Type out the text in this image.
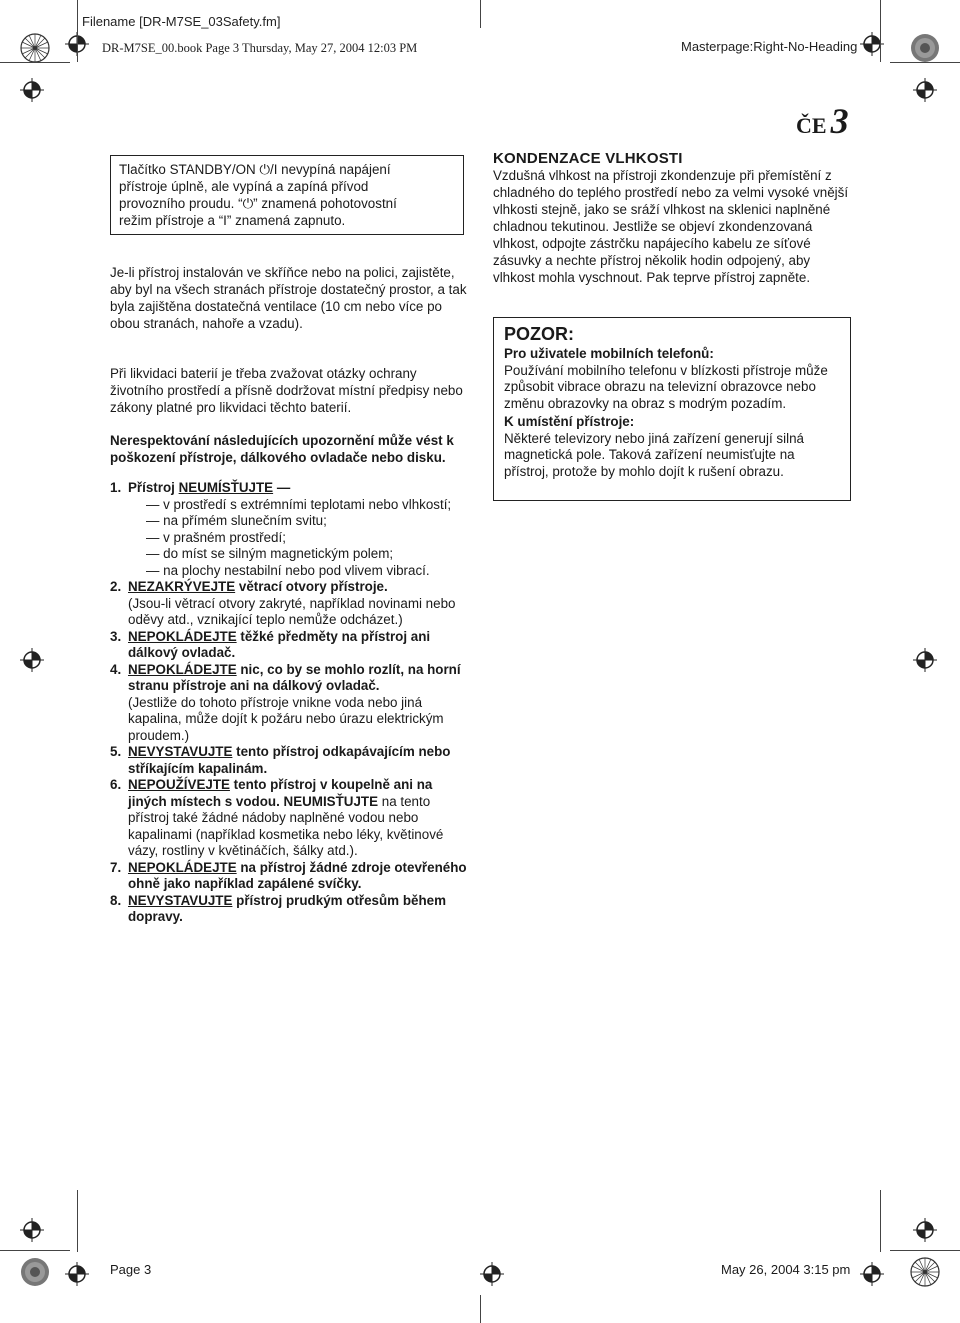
Filename [DR-M7SE_03Safety.fm]
DR-M7SE_00.book Page 3 Thursday, May 27, 2004 12:03 PM	Masterpage:Right-No-Heading
ČE 3
Tlačítko STANDBY/ON ⏻/I nevypíná napájení
přístroje úplně, ale vypíná a zapíná přívod
provozního proudu. “⏻” znamená pohotovostní
režim přístroje a “I” znamená zapnuto.
Je-li přístroj instalován ve skříňce nebo na polici, zajistěte, aby byl na všech stranách přístroje dostatečný prostor, a tak byla zajištěna dostatečná ventilace (10 cm nebo více po obou stranách, nahoře a vzadu).
Při likvidaci baterií je třeba zvažovat otázky ochrany životního prostředí a přísně dodržovat místní předpisy nebo zákony platné pro likvidaci těchto baterií.
Nerespektování následujících upozornění může vést k poškození přístroje, dálkového ovladače nebo disku.
1. Přístroj NEUMÍSŤUJTE —
— v prostředí s extrémními teplotami nebo vlhkostí;
— na přímém slunečním svitu;
— v prašném prostředí;
— do míst se silným magnetickým polem;
— na plochy nestabilní nebo pod vlivem vibrací.
2. NEZAKRÝVEJTE větrací otvory přístroje.
(Jsou-li větrací otvory zakryté, například novinami nebo oděvy atd., vznikající teplo nemůže odcházet.)
3. NEPOKLÁDEJTE těžké předměty na přístroj ani dálkový ovladač.
4. NEPOKLÁDEJTE nic, co by se mohlo rozlít, na horní stranu přístroje ani na dálkový ovladač.
(Jestliže do tohoto přístroje vnikne voda nebo jiná kapalina, může dojít k požáru nebo úrazu elektrickým proudem.)
5. NEVYSTAVUJTE tento přístroj odkapávajícím nebo stříkajícím kapalinám.
6. NEPOUŽÍVEJTE tento přístroj v koupelně ani na jiných místech s vodou. NEUMISŤUJTE na tento přístroj také žádné nádoby naplněné vodou nebo kapalinami (například kosmetika nebo léky, květinové vázy, rostliny v květináčích, šálky atd.).
7. NEPOKLÁDEJTE na přístroj žádné zdroje otevřeného ohně jako například zapálené svíčky.
8. NEVYSTAVUJTE přístroj prudkým otřesům během dopravy.
KONDENZACE VLHKOSTI
Vzdušná vlhkost na přístroji zkondenzuje při přemístění z chladného do teplého prostředí nebo za velmi vysoké vnější vlhkosti stejně, jako se sráží vlhkost na sklenici naplněné chladnou tekutinou. Jestliže se objeví zkondenzovaná vlhkost, odpojte zástrčku napájecího kabelu ze síťové zásuvky a nechte přístroj několik hodin odpojený, aby vlhkost mohla vyschnout. Pak teprve přístroj zapněte.
POZOR:
Pro uživatele mobilních telefonů:
Používání mobilního telefonu v blízkosti přístroje může způsobit vibrace obrazu na televizní obrazovce nebo změnu obrazovky na obraz s modrým pozadím.
K umístění přístroje:
Některé televizory nebo jiná zařízení generují silná magnetická pole. Taková zařízení neumisťujte na přístroj, protože by mohlo dojít k rušení obrazu.
Page 3	May 26, 2004 3:15 pm
